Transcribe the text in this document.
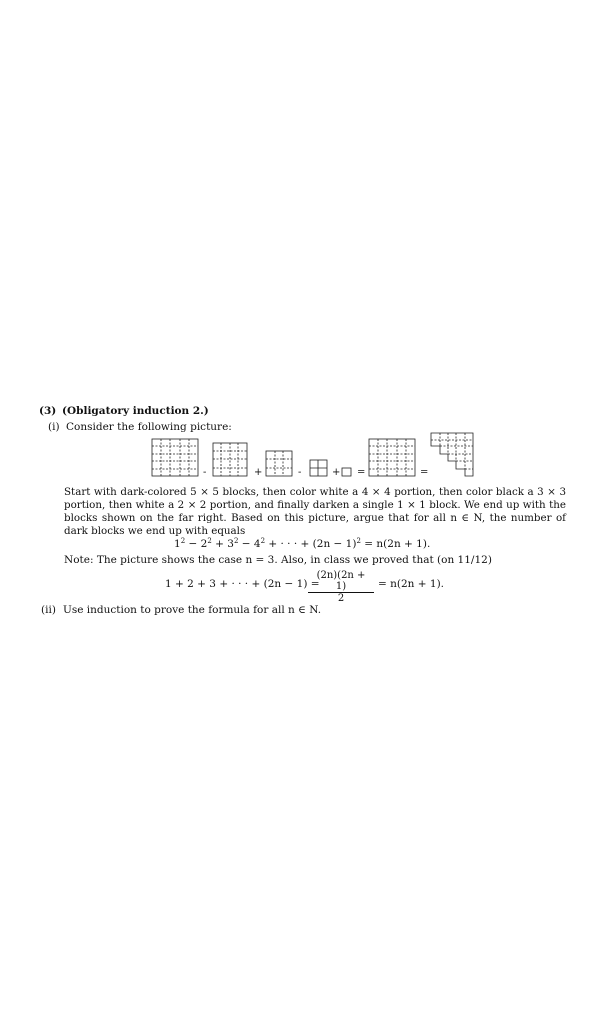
(3) (Obligatory induction 2.)
(i) Consider the following picture:
-	+	-	+ =	=
Start with dark-colored 5 × 5 blocks, then color white a 4 × 4 portion, then color black a 3 × 3 portion, then white a 2 × 2 portion, and finally darken a single 1 × 1 block. We end up with the blocks shown on the far right. Based on this picture, argue that for all n ∈ N, the number of dark blocks we end up with equals
$1^2 - 2^2 + 3^2 - 4^2$ + · · · + $(2n - 1)^2 = n(2n + 1)$.
Note: The picture shows the case n = 3. Also, in class we proved that (on 11/12)
1 + 2 + 3 + · · · + (2n − 1) =
$\frac{(2n)(2n + 1)}{2} = n(2n + 1)$.
(ii) Use induction to prove the formula for all n ∈ N.
